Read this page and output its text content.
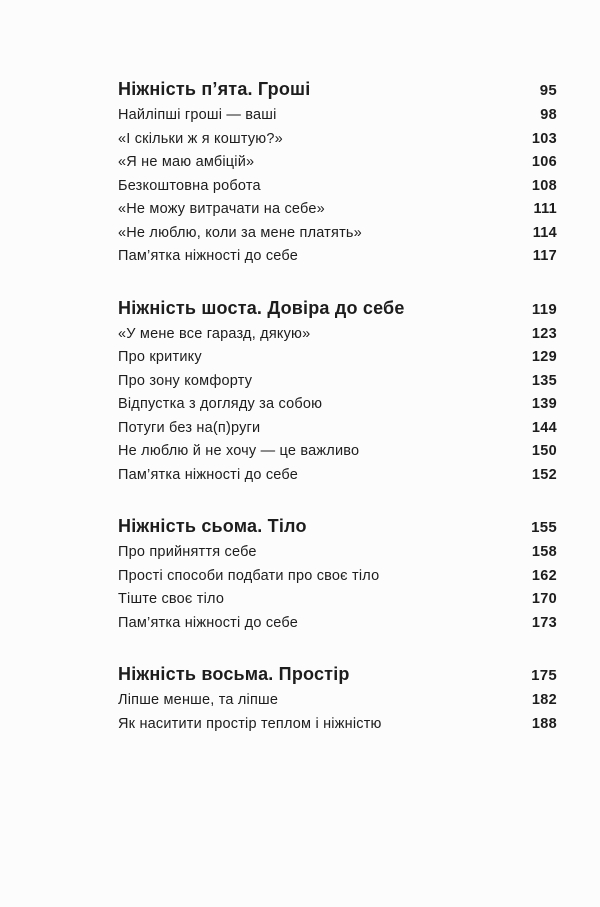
Ніжність п’ята. Гроші	95
Найліпші гроші — ваші	98
«І скільки ж я коштую?»	103
«Я не маю амбіцій»	106
Безкоштовна робота	108
«Не можу витрачати на себе»	111
«Не люблю, коли за мене платять»	114
Пам’ятка ніжності до себе	117
Ніжність шоста. Довіра до себе	119
«У мене все гаразд, дякую»	123
Про критику	129
Про зону комфорту	135
Відпустка з догляду за собою	139
Потуги без на(п)руги	144
Не люблю й не хочу — це важливо	150
Пам’ятка ніжності до себе	152
Ніжність сьома. Тіло	155
Про прийняття себе	158
Прості способи подбати про своє тіло	162
Тіште своє тіло	170
Пам’ятка ніжності до себе	173
Ніжність восьма. Простір	175
Ліпше менше, та ліпше	182
Як наситити простір теплом і ніжністю	188
